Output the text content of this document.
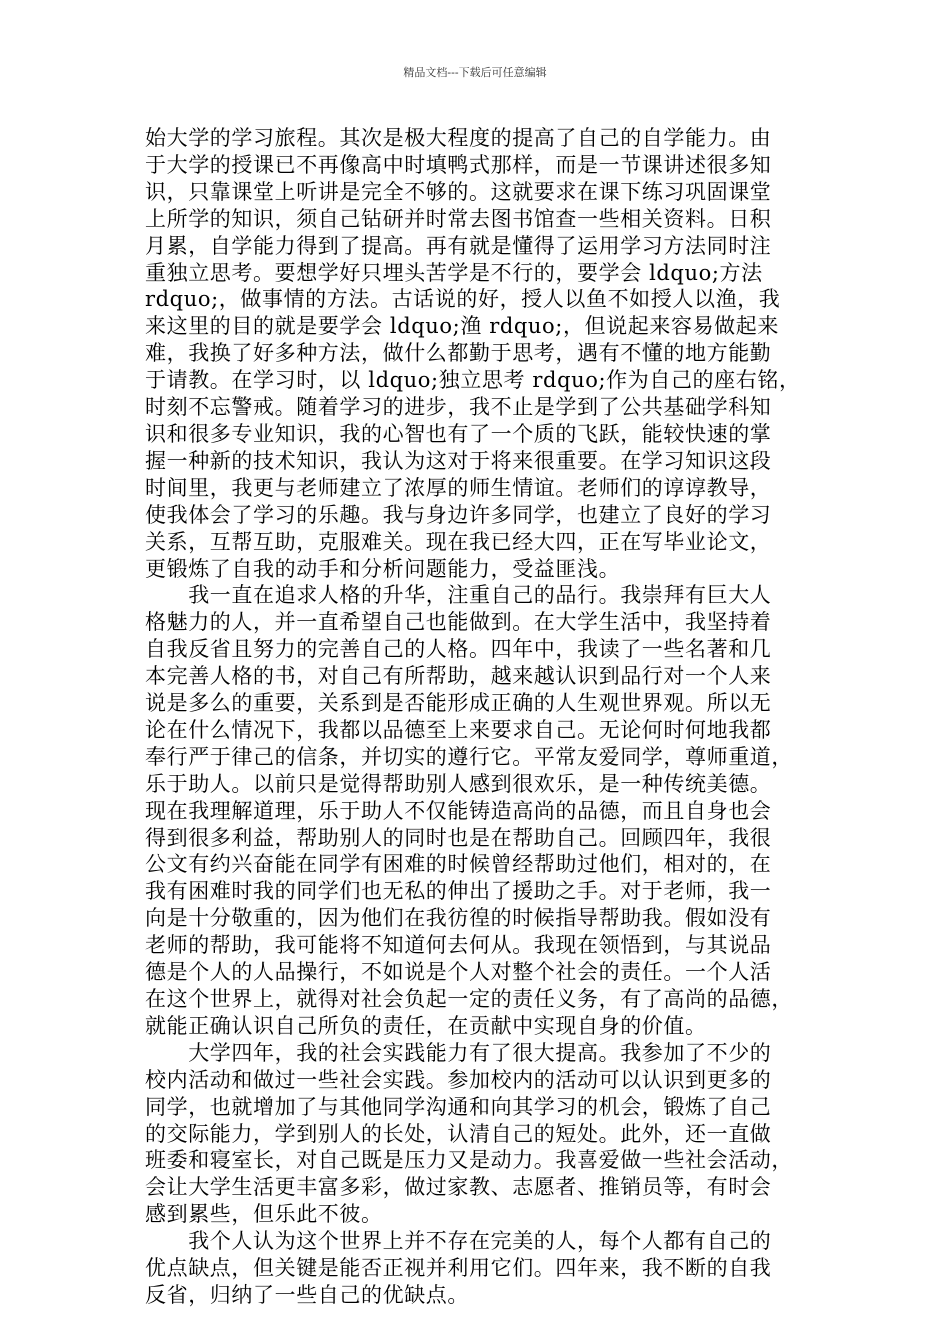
精品文档---下载后可任意编辑

始大学的学习旅程。其次是极大程度的提高了自己的自学能力。由
于大学的授课已不再像高中时填鸭式那样，而是一节课讲述很多知
识，只靠课堂上听讲是完全不够的。这就要求在课下练习巩固课堂
上所学的知识，须自己钻研并时常去图书馆查一些相关资料。日积
月累，自学能力得到了提高。再有就是懂得了运用学习方法同时注
重独立思考。要想学好只埋头苦学是不行的，要学会 ldquo;方法
rdquo;，做事情的方法。古话说的好，授人以鱼不如授人以渔，我
来这里的目的就是要学会 ldquo;渔 rdquo;，但说起来容易做起来
难，我换了好多种方法，做什么都勤于思考，遇有不懂的地方能勤
于请教。在学习时，以 ldquo;独立思考 rdquo;作为自己的座右铭，
时刻不忘警戒。随着学习的进步，我不止是学到了公共基础学科知
识和很多专业知识，我的心智也有了一个质的飞跃，能较快速的掌
握一种新的技术知识，我认为这对于将来很重要。在学习知识这段
时间里，我更与老师建立了浓厚的师生情谊。老师们的谆谆教导，
使我体会了学习的乐趣。我与身边许多同学，也建立了良好的学习
关系，互帮互助，克服难关。现在我已经大四，正在写毕业论文，
更锻炼了自我的动手和分析问题能力，受益匪浅。

　　我一直在追求人格的升华，注重自己的品行。我崇拜有巨大人
格魅力的人，并一直希望自己也能做到。在大学生活中，我坚持着
自我反省且努力的完善自己的人格。四年中，我读了一些名著和几
本完善人格的书，对自己有所帮助，越来越认识到品行对一个人来
说是多么的重要，关系到是否能形成正确的人生观世界观。所以无
论在什么情况下，我都以品德至上来要求自己。无论何时何地我都
奉行严于律己的信条，并切实的遵行它。平常友爱同学，尊师重道，
乐于助人。以前只是觉得帮助别人感到很欢乐，是一种传统美德。
现在我理解道理，乐于助人不仅能铸造高尚的品德，而且自身也会
得到很多利益，帮助别人的同时也是在帮助自己。回顾四年，我很
公文有约兴奋能在同学有困难的时候曾经帮助过他们，相对的，在
我有困难时我的同学们也无私的伸出了援助之手。对于老师，我一
向是十分敬重的，因为他们在我彷徨的时候指导帮助我。假如没有
老师的帮助，我可能将不知道何去何从。我现在领悟到，与其说品
德是个人的人品操行，不如说是个人对整个社会的责任。一个人活
在这个世界上，就得对社会负起一定的责任义务，有了高尚的品德，
就能正确认识自己所负的责任，在贡献中实现自身的价值。

　　大学四年，我的社会实践能力有了很大提高。我参加了不少的
校内活动和做过一些社会实践。参加校内的活动可以认识到更多的
同学，也就增加了与其他同学沟通和向其学习的机会，锻炼了自己
的交际能力，学到别人的长处，认清自己的短处。此外，还一直做
班委和寝室长，对自己既是压力又是动力。我喜爱做一些社会活动，
会让大学生活更丰富多彩，做过家教、志愿者、推销员等，有时会
感到累些，但乐此不彼。

　　我个人认为这个世界上并不存在完美的人，每个人都有自己的
优点缺点，但关键是能否正视并利用它们。四年来，我不断的自我
反省，归纳了一些自己的优缺点。
